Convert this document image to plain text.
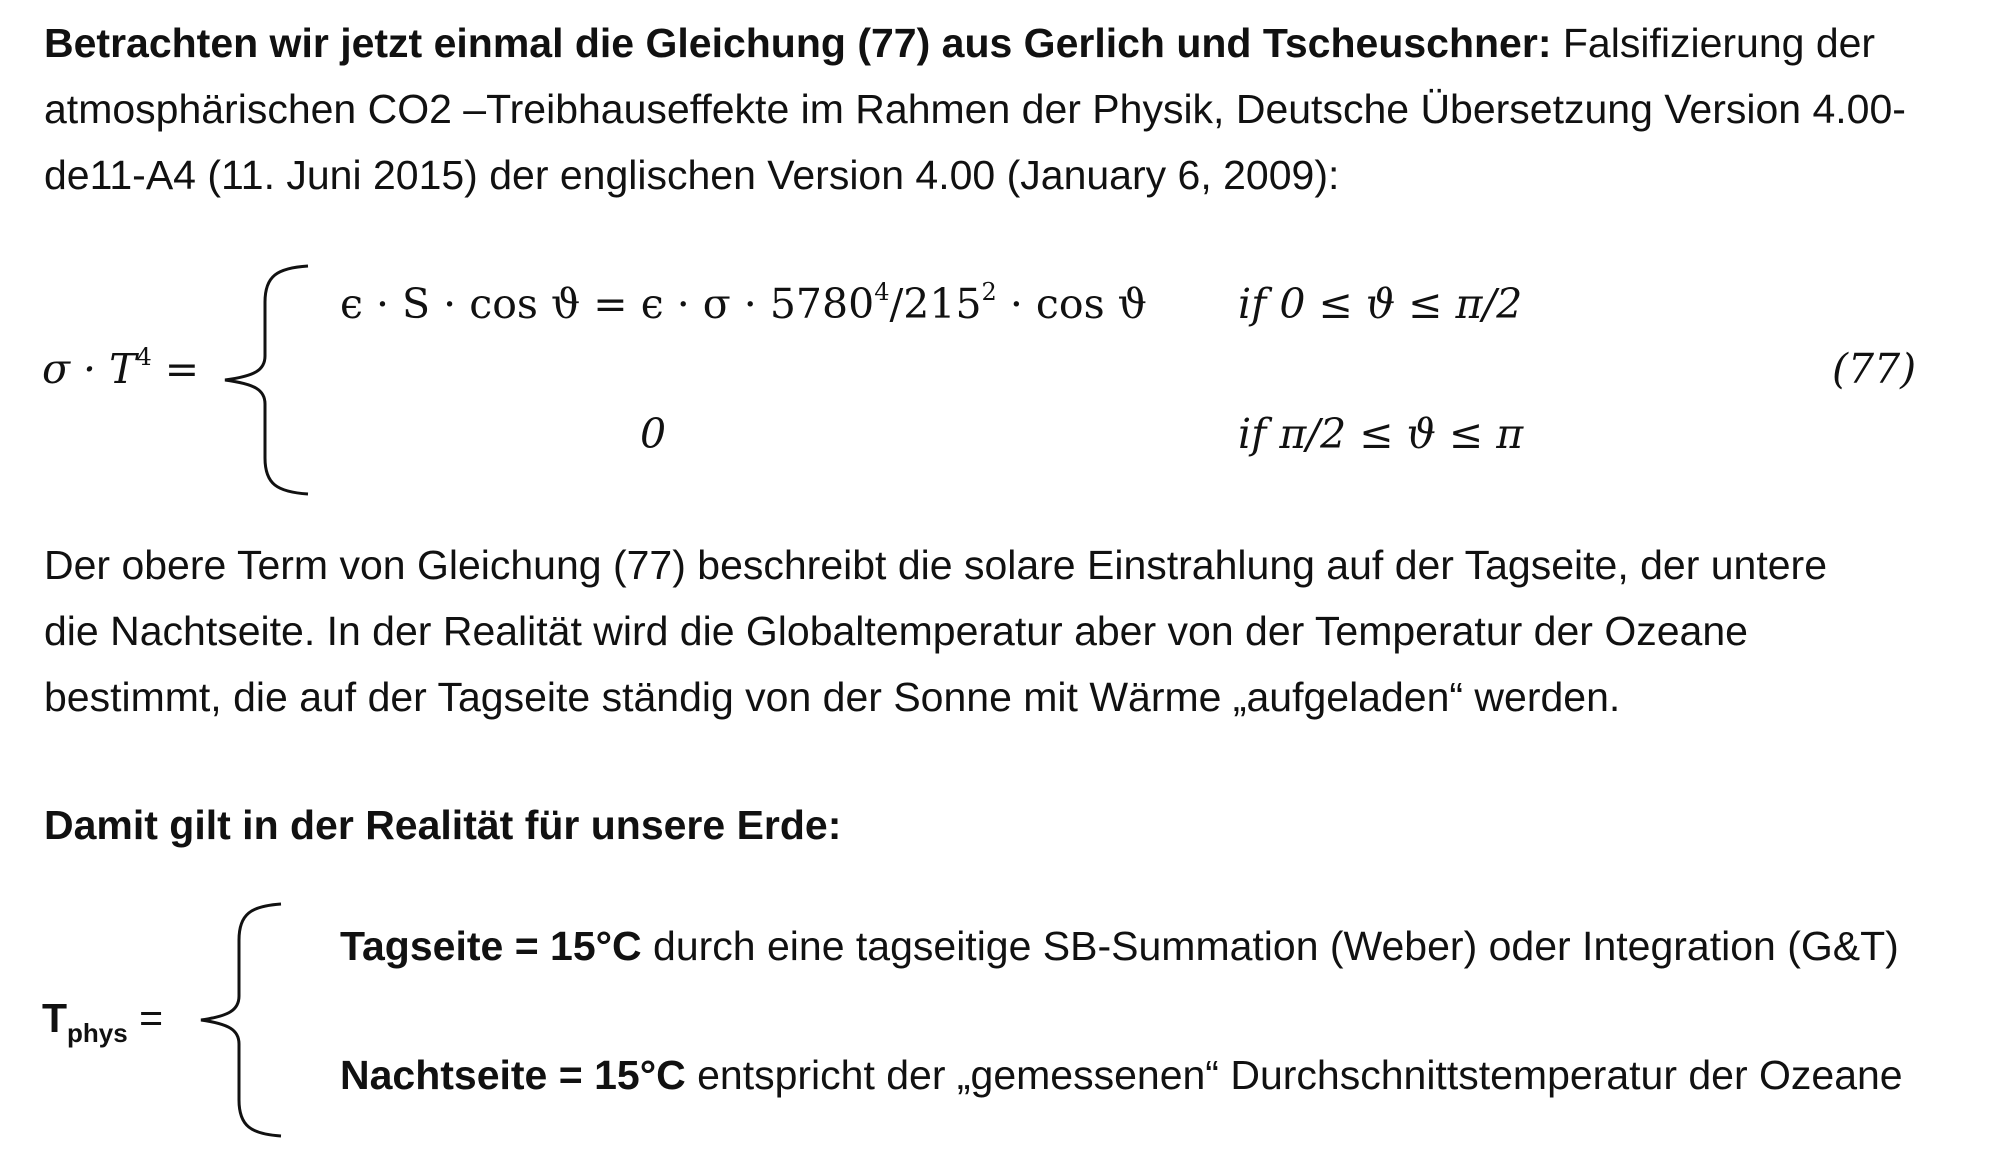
Betrachten wir jetzt einmal die Gleichung (77) aus Gerlich und Tscheuschner: Falsifizierung der
atmosphärischen CO2 –Treibhauseffekte im Rahmen der Physik, Deutsche Übersetzung Version 4.00-
de11-A4 (11. Juni 2015) der englischen Version 4.00 (January 6, 2009):
$\sigma \cdot T^4$ =
$\epsilon \cdot S \cdot \cos ϑ = \epsilon \cdot \sigma \cdot 5780^4/215^2 \cdot \cos ϑ$ if 0 ≤ ϑ ≤ π/2
0	if π/2 ≤ ϑ ≤ π
(77)
Der obere Term von Gleichung (77) beschreibt die solare Einstrahlung auf der Tagseite, der untere
die Nachtseite. In der Realität wird die Globaltemperatur aber von der Temperatur der Ozeane
bestimmt, die auf der Tagseite ständig von der Sonne mit Wärme „aufgeladen“ werden.
Damit gilt in der Realität für unsere Erde:
$T_{phys}$ =
Tagseite = 15°C durch eine tagseitige SB-Summation (Weber) oder Integration (G&T)
Nachtseite = 15°C entspricht der „gemessenen“ Durchschnittstemperatur der Ozeane
